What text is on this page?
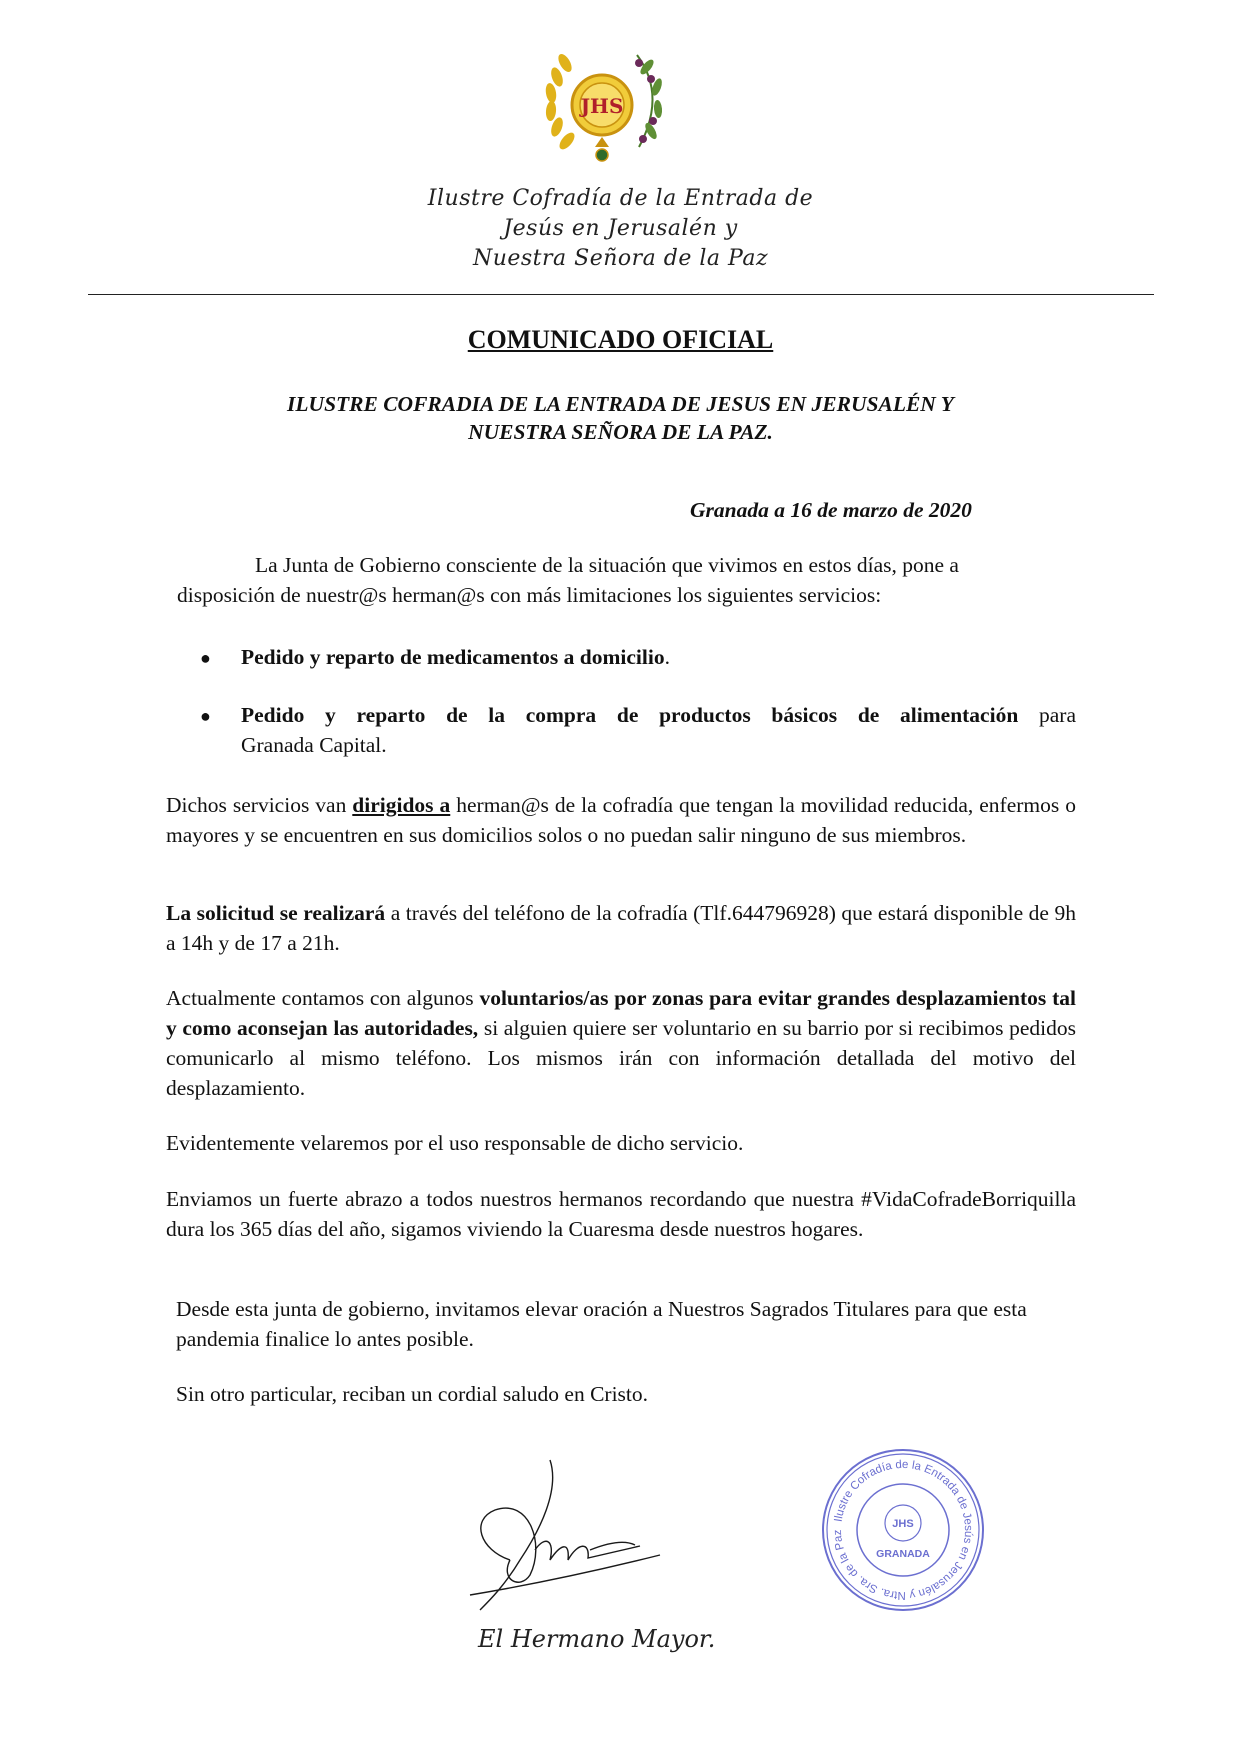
JHS
Ilustre Cofradía de la Entrada de
Jesús en Jerusalén y
Nuestra Señora de la Paz
COMUNICADO OFICIAL
ILUSTRE COFRADIA DE LA ENTRADA DE JESUS EN JERUSALÉN Y
NUESTRA SEÑORA DE LA PAZ.
Granada a 16 de marzo de 2020
La Junta de Gobierno consciente de la situación que vivimos en estos días, pone a
disposición de nuestr@s herman@s con más limitaciones los siguientes servicios:
● Pedido y reparto de medicamentos a domicilio.
● Pedido y reparto de la compra de productos básicos de alimentación para
Granada Capital.
Dichos servicios van dirigidos a herman@s de la cofradía que tengan la movilidad reducida, enfermos o mayores y se encuentren en sus domicilios solos o no puedan salir ninguno de sus miembros.
La solicitud se realizará a través del teléfono de la cofradía (Tlf.644796928) que estará disponible de 9h a 14h y de 17 a 21h.
Actualmente contamos con algunos voluntarios/as por zonas para evitar grandes desplazamientos tal y como aconsejan las autoridades, si alguien quiere ser voluntario en su barrio por si recibimos pedidos comunicarlo al mismo teléfono. Los mismos irán con información detallada del motivo del desplazamiento.
Evidentemente velaremos por el uso responsable de dicho servicio.
Enviamos un fuerte abrazo a todos nuestros hermanos recordando que nuestra #VidaCofradeBorriquilla dura los 365 días del año, sigamos viviendo la Cuaresma desde nuestros hogares.
Desde esta junta de gobierno, invitamos elevar oración a Nuestros Sagrados Titulares para que esta pandemia finalice lo antes posible.
Sin otro particular, reciban un cordial saludo en Cristo.
Ilustre Cofradía de la Entrada de Jesús en Jerusalén y Ntra. Sra. de la Paz
JHS
GRANADA
El Hermano Mayor.
